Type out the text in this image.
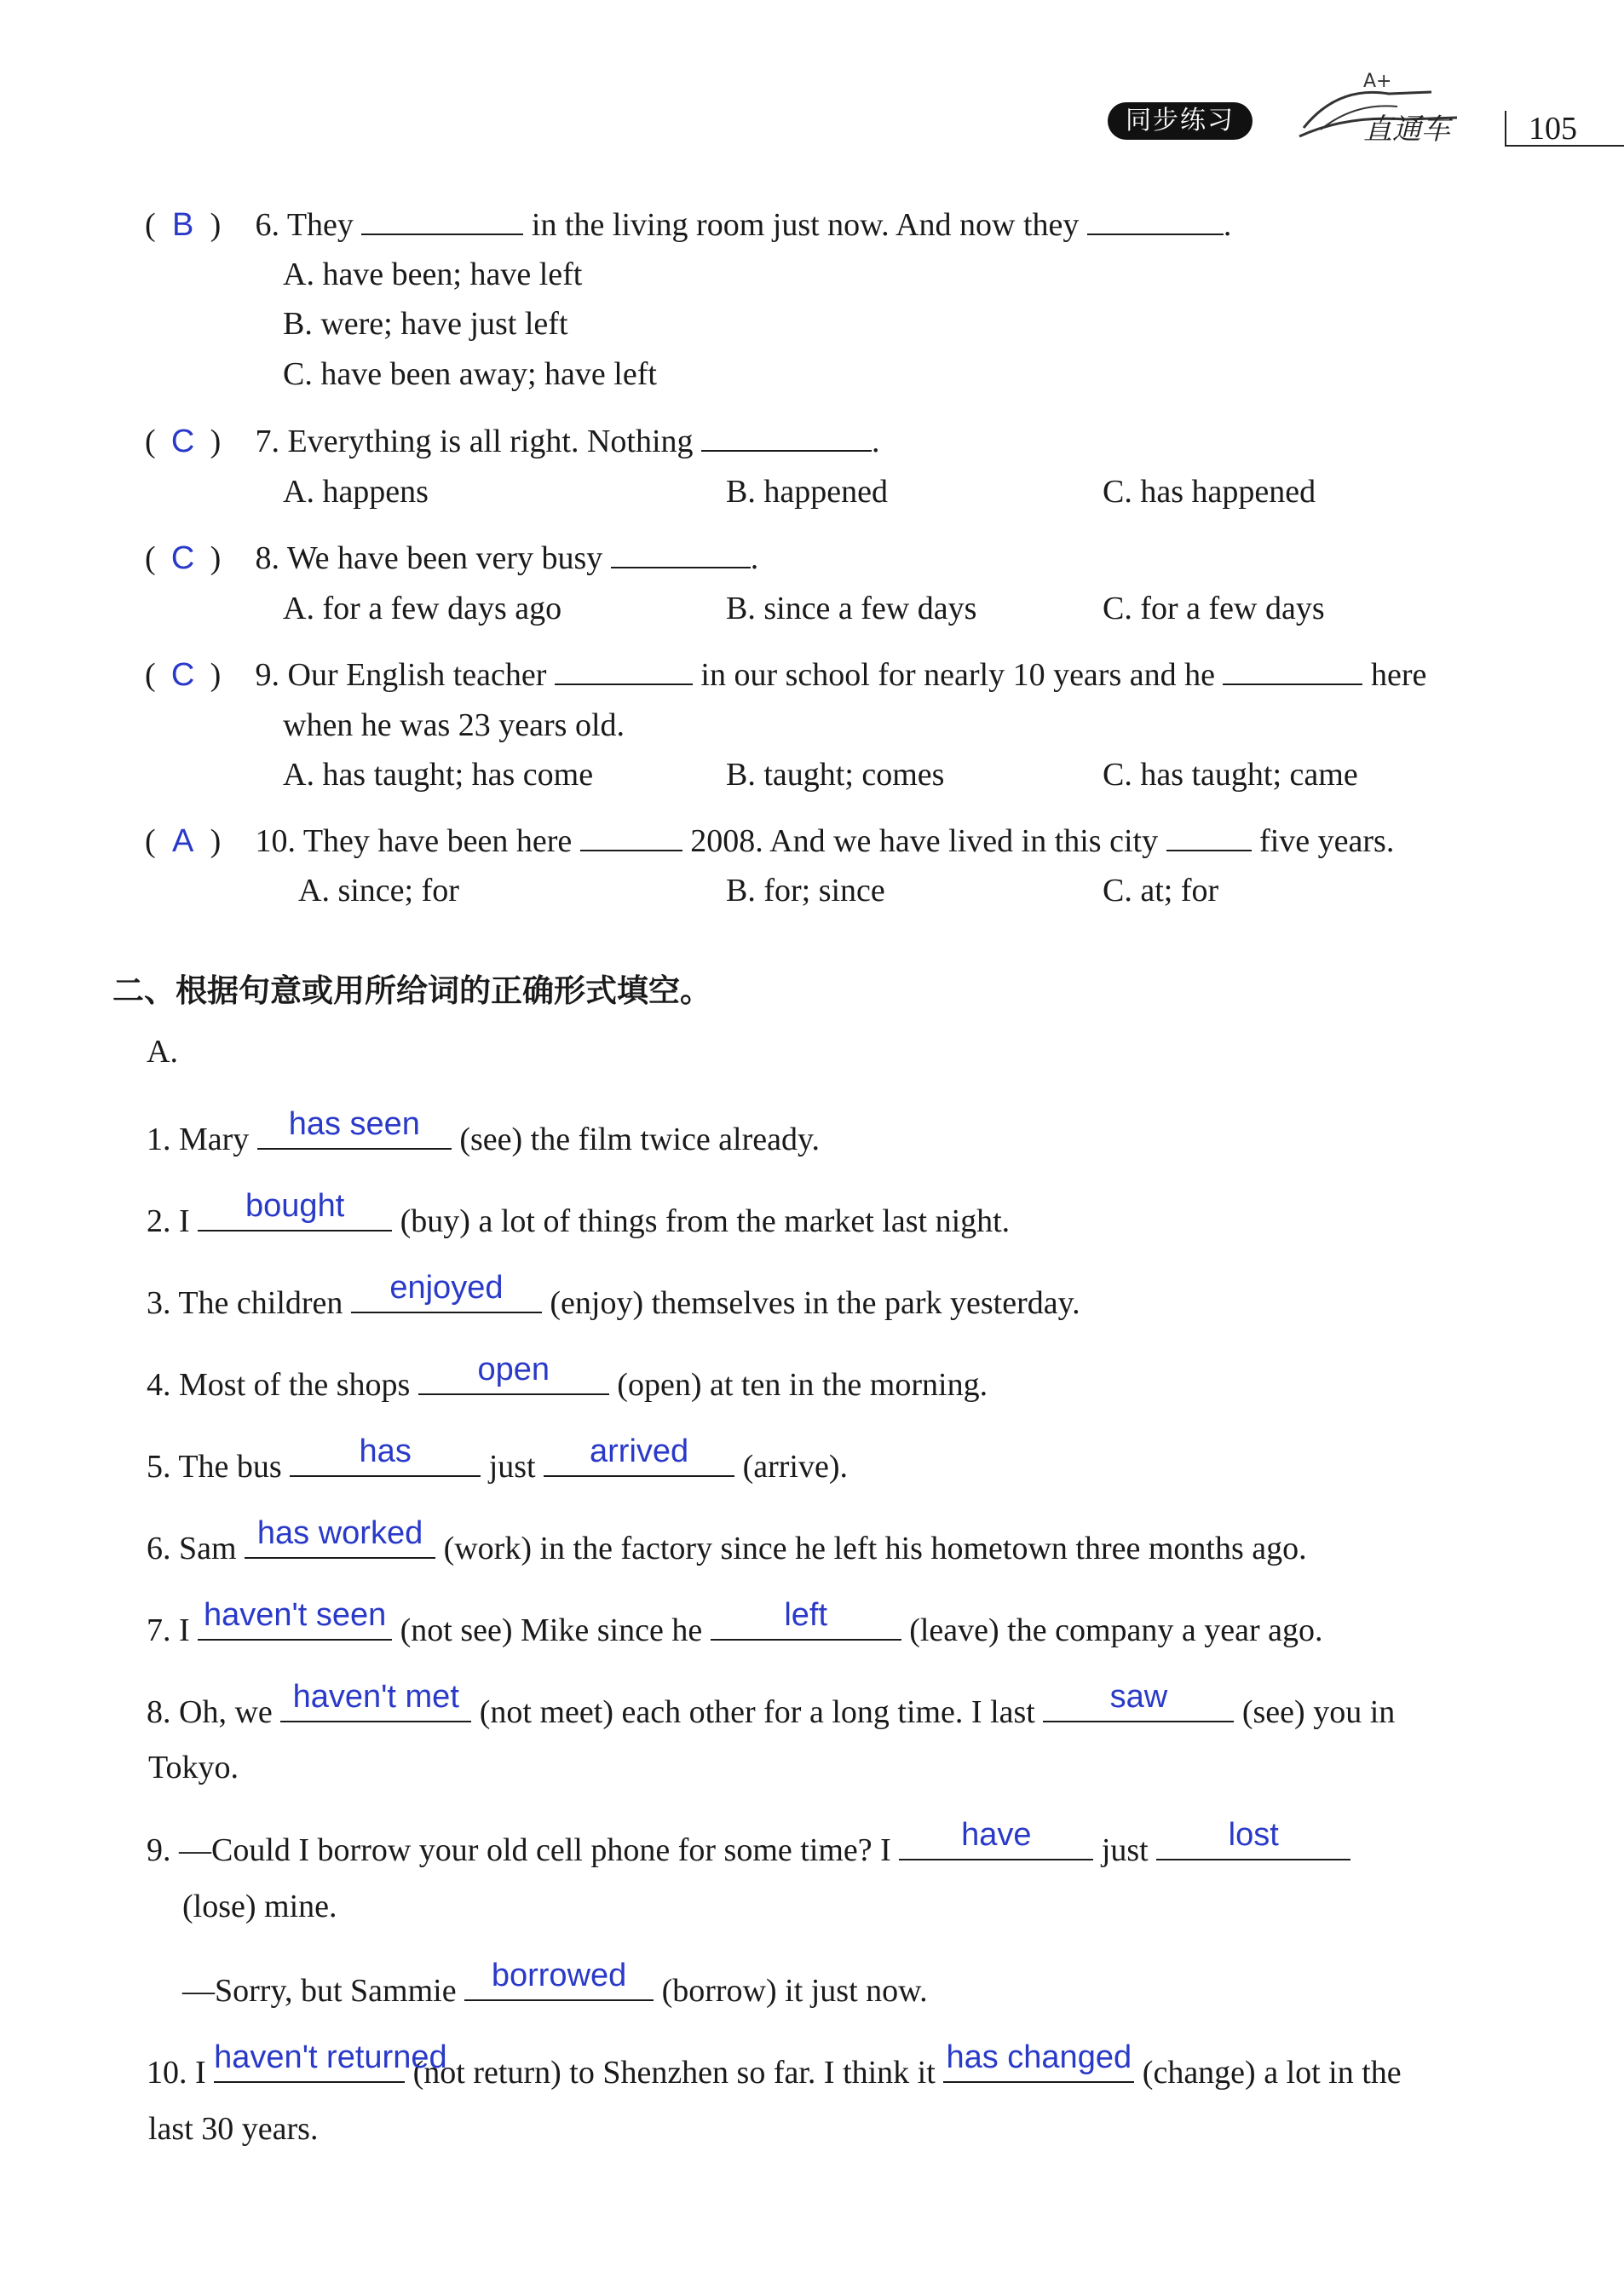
同步练习
A+
直通车	105
( B ) 6. They	in the living room just now. And now they	.
A. have been; have left
B. were; have just left
C. have been away; have left
( C ) 7. Everything is all right. Nothing	.
A. happens	B. happened	C. has happened
( C ) 8. We have been very busy	.
A. for a few days ago	B. since a few days	C. for a few days
( C ) 9. Our English teacher	in our school for nearly 10 years and he	here
when he was 23 years old.
A. has taught; has come	B. taught; comes	C. has taught; came
( A ) 10. They have been here	2008. And we have lived in this city	five years.
A. since; for	B. for; since	C. at; for
二、根据句意或用所给词的正确形式填空。
A.
1. Mary	has seen	(see) the film twice already.
2. I	bought	(buy) a lot of things from the market last night.
3. The children	enjoyed	(enjoy) themselves in the park yesterday.
4. Most of the shops	open	(open) at ten in the morning.
5. The bus	has	just	arrived	(arrive).
6. Sam has worked (work) in the factory since he left his hometown three months ago.
7. I haven't seen (not see) Mike since he	left	(leave) the company a year ago.
8. Oh, we haven't met (not meet) each other for a long time. I last	saw	(see) you in
Tokyo.
9. —Could I borrow your old cell phone for some time? I	have	just	lost
(lose) mine.
—Sorry, but Sammie	borrowed	(borrow) it just now.
10. I haven't returned
(not return) to Shenzhen so far. I think it has changed (change) a lot in the
last 30 years.
